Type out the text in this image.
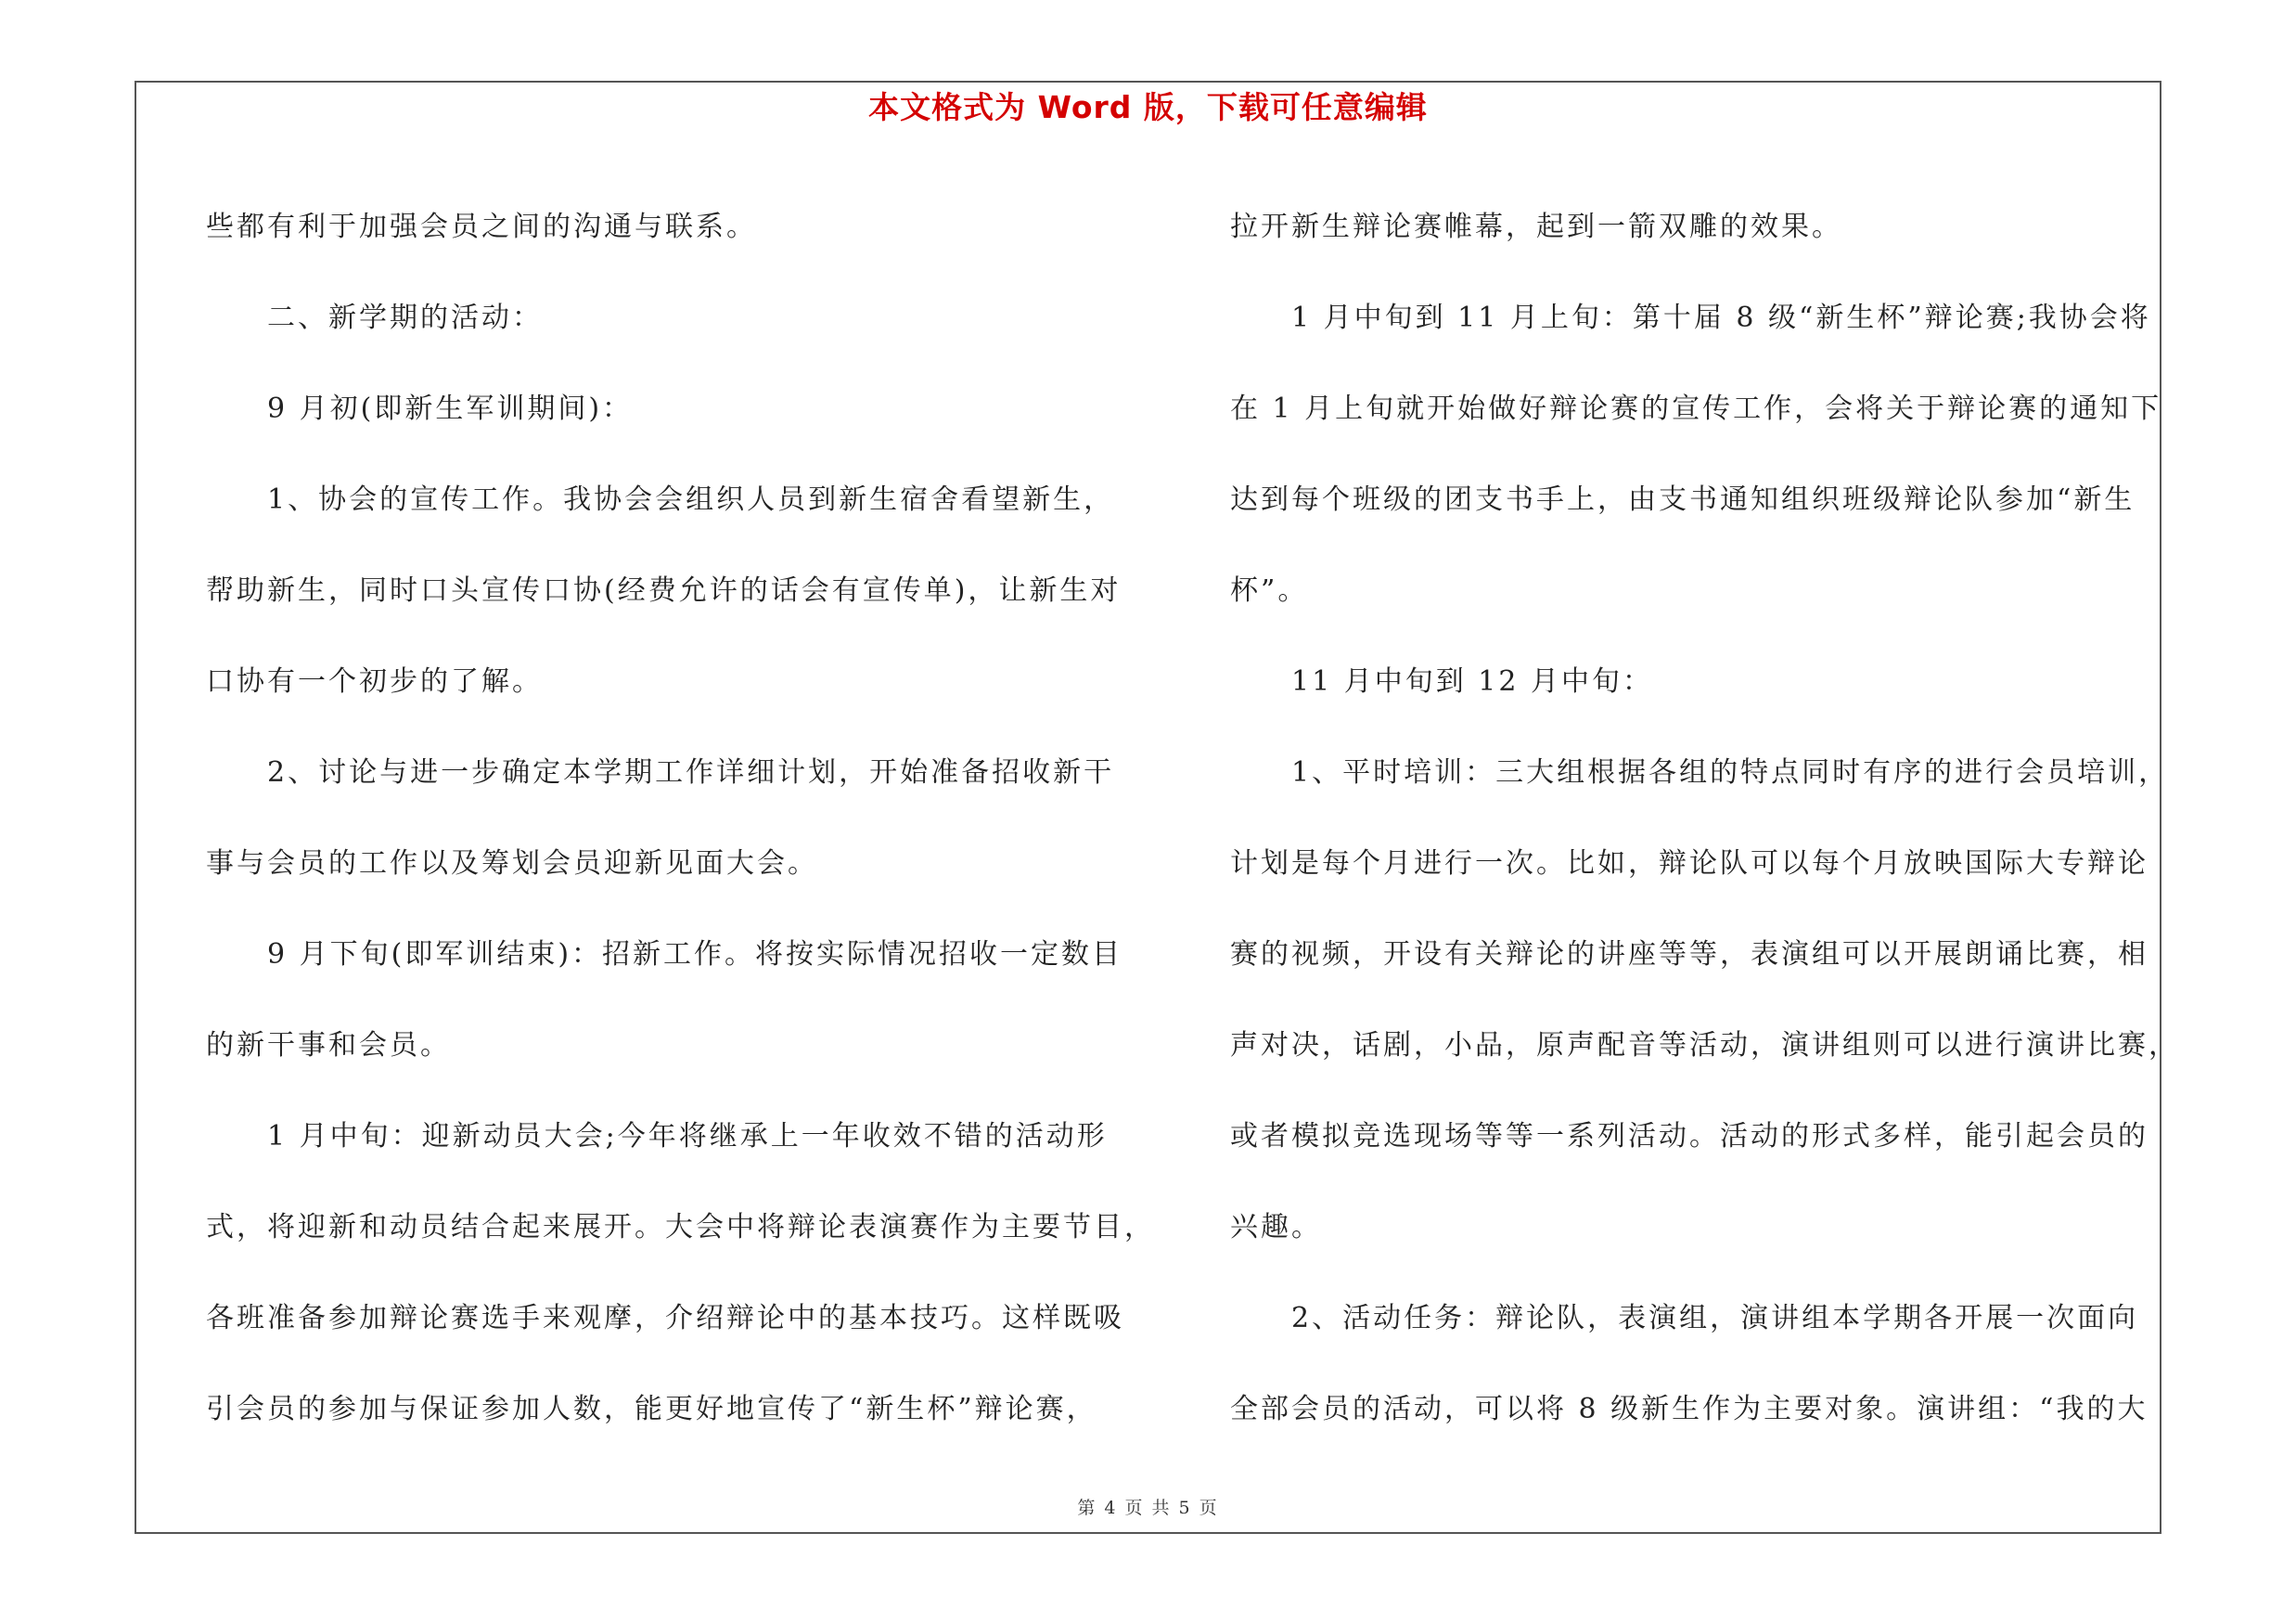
本文格式为 Word 版，下载可任意编辑
些都有利于加强会员之间的沟通与联系。
二、新学期的活动：
9 月初(即新生军训期间)：
1、协会的宣传工作。我协会会组织人员到新生宿舍看望新生，
帮助新生，同时口头宣传口协(经费允许的话会有宣传单)，让新生对
口协有一个初步的了解。
2、讨论与进一步确定本学期工作详细计划，开始准备招收新干
事与会员的工作以及筹划会员迎新见面大会。
9 月下旬(即军训结束)：招新工作。将按实际情况招收一定数目
的新干事和会员。
1 月中旬：迎新动员大会;今年将继承上一年收效不错的活动形
式，将迎新和动员结合起来展开。大会中将辩论表演赛作为主要节目，
各班准备参加辩论赛选手来观摩，介绍辩论中的基本技巧。这样既吸
引会员的参加与保证参加人数，能更好地宣传了“新生杯”辩论赛，
拉开新生辩论赛帷幕，起到一箭双雕的效果。
1 月中旬到 11 月上旬：第十届 8 级“新生杯”辩论赛;我协会将
在 1 月上旬就开始做好辩论赛的宣传工作，会将关于辩论赛的通知下
达到每个班级的团支书手上，由支书通知组织班级辩论队参加“新生
杯”。
11 月中旬到 12 月中旬：
1、平时培训：三大组根据各组的特点同时有序的进行会员培训，
计划是每个月进行一次。比如，辩论队可以每个月放映国际大专辩论
赛的视频，开设有关辩论的讲座等等，表演组可以开展朗诵比赛，相
声对决，话剧，小品，原声配音等活动，演讲组则可以进行演讲比赛，
或者模拟竞选现场等等一系列活动。活动的形式多样，能引起会员的
兴趣。
2、活动任务：辩论队，表演组，演讲组本学期各开展一次面向
全部会员的活动，可以将 8 级新生作为主要对象。演讲组：“我的大
第 4 页 共 5 页
